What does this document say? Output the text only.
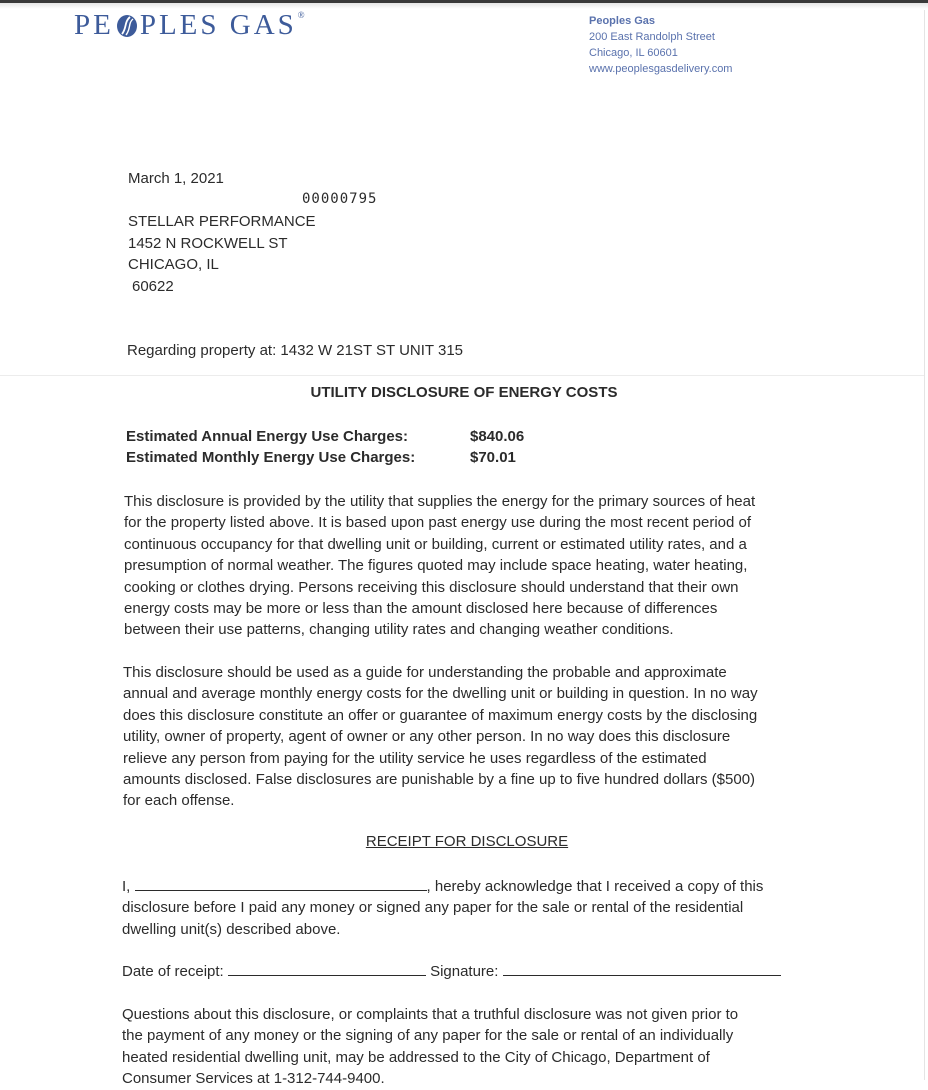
PE PLES GAS®	Peoples Gas
200 East Randolph Street
Chicago, IL 60601
www.peoplesgasdelivery.com
March 1, 2021
00000795
STELLAR PERFORMANCE
1452 N ROCKWELL ST
CHICAGO, IL
60622
Regarding property at: 1432 W 21ST ST UNIT 315
UTILITY DISCLOSURE OF ENERGY COSTS
Estimated Annual Energy Use Charges:	$840.06
Estimated Monthly Energy Use Charges:	$70.01
This disclosure is provided by the utility that supplies the energy for the primary sources of heat
for the property listed above. It is based upon past energy use during the most recent period of
continuous occupancy for that dwelling unit or building, current or estimated utility rates, and a
presumption of normal weather. The figures quoted may include space heating, water heating,
cooking or clothes drying. Persons receiving this disclosure should understand that their own
energy costs may be more or less than the amount disclosed here because of differences
between their use patterns, changing utility rates and changing weather conditions.
This disclosure should be used as a guide for understanding the probable and approximate
annual and average monthly energy costs for the dwelling unit or building in question. In no way
does this disclosure constitute an offer or guarantee of maximum energy costs by the disclosing
utility, owner of property, agent of owner or any other person. In no way does this disclosure
relieve any person from paying for the utility service he uses regardless of the estimated
amounts disclosed. False disclosures are punishable by a fine up to five hundred dollars ($500)
for each offense.
RECEIPT FOR DISCLOSURE
I,	, hereby acknowledge that I received a copy of this
disclosure before I paid any money or signed any paper for the sale or rental of the residential
dwelling unit(s) described above.
Date of receipt:	Signature:
Questions about this disclosure, or complaints that a truthful disclosure was not given prior to
the payment of any money or the signing of any paper for the sale or rental of an individually
heated residential dwelling unit, may be addressed to the City of Chicago, Department of
Consumer Services at 1-312-744-9400.
